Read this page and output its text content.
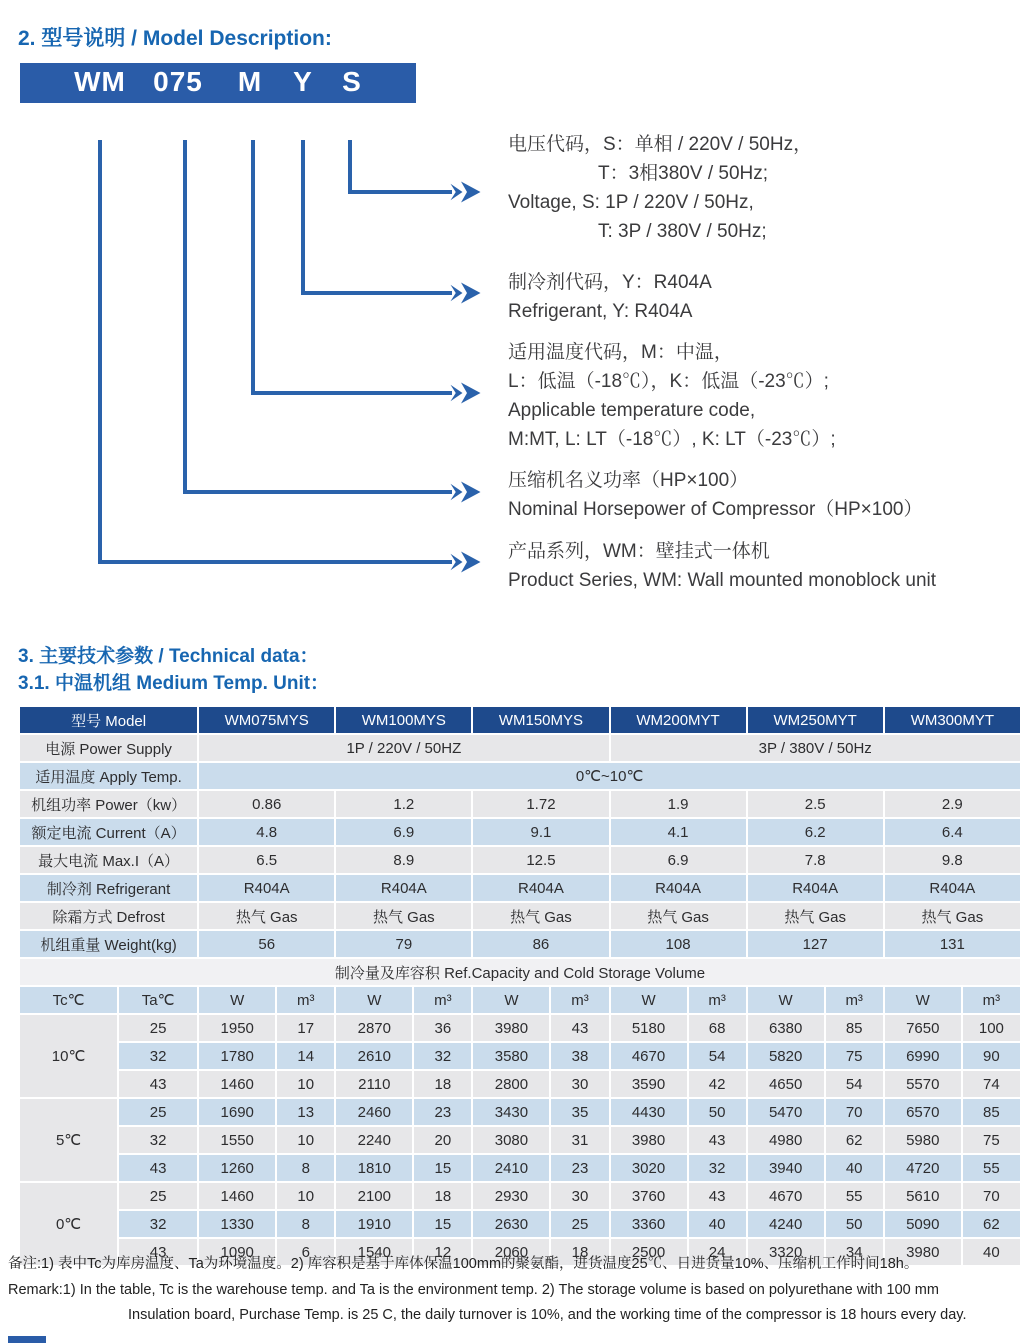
2. 型号说明 / Model Description:
WM 075 M Y S
电压代码，S：单相 / 220V / 50Hz，
T：3相380V / 50Hz;
Voltage, S: 1P / 220V / 50Hz,
T: 3P / 380V / 50Hz;
制冷剂代码，Y：R404A
Refrigerant, Y: R404A
适用温度代码，M：中温，
L：低温（-18℃），K：低温（-23℃）;
Applicable temperature code,
M:MT, L: LT（-18℃）, K: LT（-23℃）;
压缩机名义功率（HP×100）
Nominal Horsepower of Compressor（HP×100）
产品系列，WM：壁挂式一体机
Product Series, WM: Wall mounted monoblock unit
3. 主要技术参数 / Technical data：
3.1. 中温机组 Medium Temp. Unit：
型号 Model		WM075MYS		WM100MYS		WM150MYS		WM200MYT		WM250MYT		WM300MYT	
电源 Power Supply		1P / 220V / 50HZ						3P / 380V / 50Hz					
适用温度 Apply Temp.		0℃~10℃											
机组功率 Power（kw）		0.86		1.2		1.72		1.9		2.5		2.9	
额定电流 Current（A）		4.8		6.9		9.1		4.1		6.2		6.4	
最大电流 Max.I（A）		6.5		8.9		12.5		6.9		7.8		9.8	
制冷剂 Refrigerant		R404A		R404A		R404A		R404A		R404A		R404A	
除霜方式 Defrost		热气 Gas		热气 Gas		热气 Gas		热气 Gas		热气 Gas		热气 Gas	
机组重量 Weight(kg)		56		79		86		108		127		131	
制冷量及库容积 Ref.Capacity and Cold Storage Volume													
Tc℃	Ta℃	W	m³	W	m³	W	m³	W	m³	W	m³	W	m³
10℃	25	1950	17	2870	36	3980	43	5180	68	6380	85	7650	100
	32	1780	14	2610	32	3580	38	4670	54	5820	75	6990	90
	43	1460	10	2110	18	2800	30	3590	42	4650	54	5570	74
5℃	25	1690	13	2460	23	3430	35	4430	50	5470	70	6570	85
	32	1550	10	2240	20	3080	31	3980	43	4980	62	5980	75
	43	1260	8	1810	15	2410	23	3020	32	3940	40	4720	55
0℃	25	1460	10	2100	18	2930	30	3760	43	4670	55	5610	70
	32	1330	8	1910	15	2630	25	3360	40	4240	50	5090	62
	43	1090	6	1540	12	2060	18	2500	24	3320	34	3980	40
备注:1) 表中Tc为库房温度、Ta为环境温度。2) 库容积是基于库体保温100mm的聚氨酯，进货温度25℃、日进货量10%、压缩机工作时间18h。
Remark:1) In the table, Tc is the warehouse temp. and Ta is the environment temp. 2) The storage volume is based on polyurethane with 100 mm
Insulation board, Purchase Temp. is 25 C, the daily turnover is 10%, and the working time of the compressor is 18 hours every day.
